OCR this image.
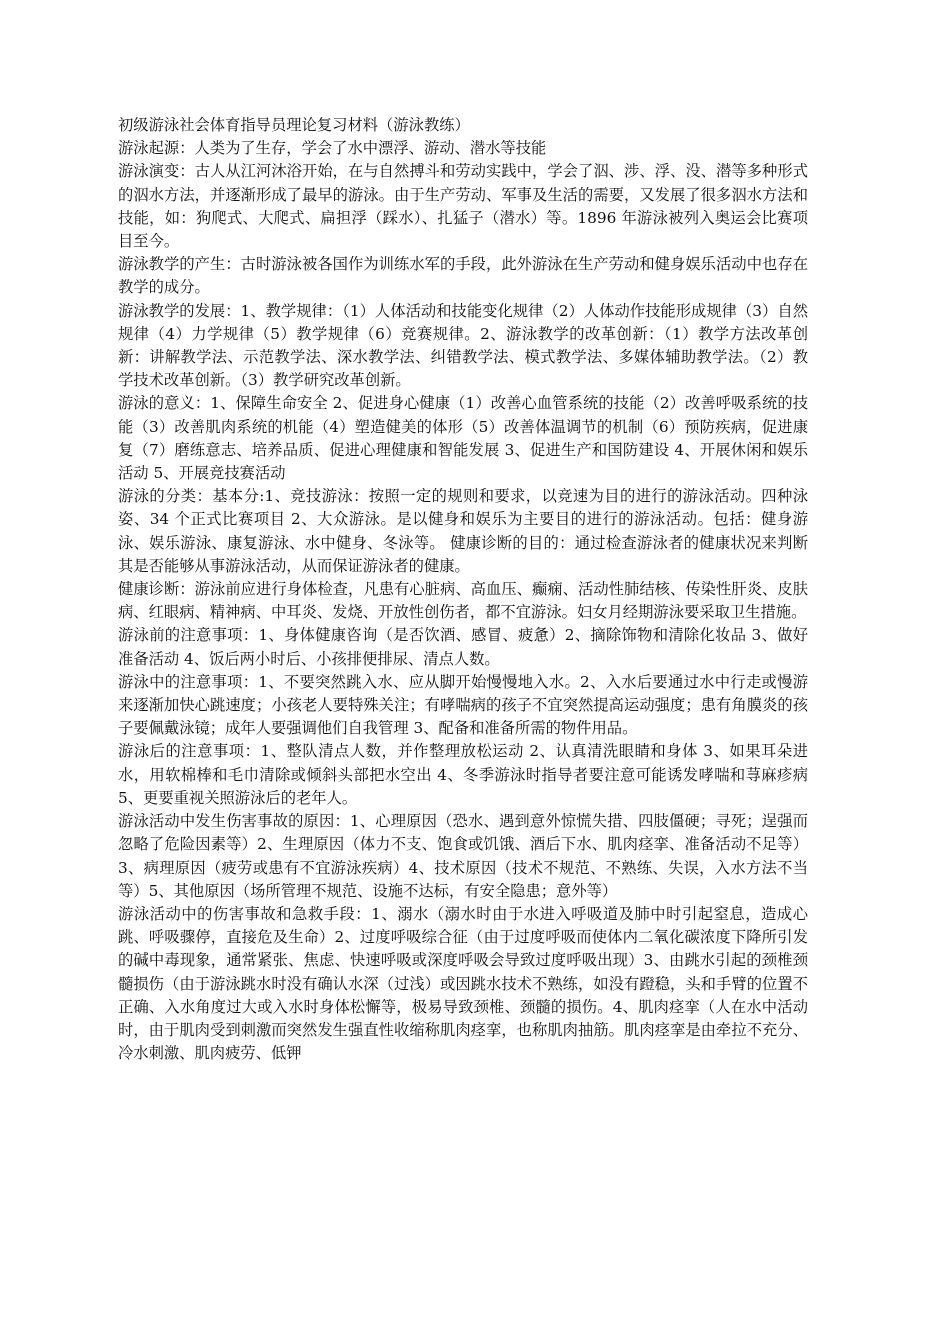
初级游泳社会体育指导员理论复习材料（游泳教练）

游泳起源：人类为了生存，学会了水中漂浮、游动、潜水等技能

游泳演变：古人从江河沐浴开始，在与自然搏斗和劳动实践中，学会了泅、涉、浮、没、潜等多种形式的泅水方法，并逐渐形成了最早的游泳。由于生产劳动、军事及生活的需要，又发展了很多泅水方法和技能，如：狗爬式、大爬式、扁担浮（踩水）、扎猛子（潜水）等。1896 年游泳被列入奥运会比赛项目至今。

游泳教学的产生：古时游泳被各国作为训练水军的手段，此外游泳在生产劳动和健身娱乐活动中也存在教学的成分。

游泳教学的发展：1、教学规律：（1）人体活动和技能变化规律（2）人体动作技能形成规律（3）自然规律（4）力学规律（5）教学规律（6）竞赛规律。2、游泳教学的改革创新：（1）教学方法改革创新：讲解教学法、示范教学法、深水教学法、纠错教学法、模式教学法、多媒体辅助教学法。（2）教学技术改革创新。（3）教学研究改革创新。

游泳的意义：1、保障生命安全 2、促进身心健康（1）改善心血管系统的技能（2）改善呼吸系统的技能（3）改善肌肉系统的机能（4）塑造健美的体形（5）改善体温调节的机制（6）预防疾病，促进康复（7）磨练意志、培养品质、促进心理健康和智能发展 3、促进生产和国防建设 4、开展休闲和娱乐活动 5、开展竞技赛活动

游泳的分类：基本分:1、竞技游泳：按照一定的规则和要求，以竞速为目的进行的游泳活动。四种泳姿、34 个正式比赛项目 2、大众游泳。是以健身和娱乐为主要目的进行的游泳活动。包括：健身游泳、娱乐游泳、康复游泳、水中健身、冬泳等。 健康诊断的目的：通过检查游泳者的健康状况来判断其是否能够从事游泳活动，从而保证游泳者的健康。

健康诊断：游泳前应进行身体检查，凡患有心脏病、高血压、癫痫、活动性肺结核、传染性肝炎、皮肤病、红眼病、精神病、中耳炎、发烧、开放性创伤者，都不宜游泳。妇女月经期游泳要采取卫生措施。

游泳前的注意事项：1、身体健康咨询（是否饮酒、感冒、疲惫）2、摘除饰物和清除化妆品 3、做好准备活动 4、饭后两小时后、小孩排便排尿、清点人数。

游泳中的注意事项：1、不要突然跳入水、应从脚开始慢慢地入水。2、入水后要通过水中行走或慢游来逐渐加快心跳速度；小孩老人要特殊关注；有哮喘病的孩子不宜突然提高运动强度；患有角膜炎的孩子要佩戴泳镜；成年人要强调他们自我管理 3、配备和准备所需的物件用品。

游泳后的注意事项：1、整队清点人数，并作整理放松运动 2、认真清洗眼睛和身体 3、如果耳朵进水，用软棉棒和毛巾清除或倾斜头部把水空出 4、冬季游泳时指导者要注意可能诱发哮喘和荨麻疹病 5、更要重视关照游泳后的老年人。

游泳活动中发生伤害事故的原因：1、心理原因（恐水、遇到意外惊慌失措、四肢僵硬；寻死；逞强而忽略了危险因素等）2、生理原因（体力不支、饱食或饥饿、酒后下水、肌肉痉挛、准备活动不足等）3、病理原因（疲劳或患有不宜游泳疾病）4、技术原因（技术不规范、不熟练、失误，入水方法不当等）5、其他原因（场所管理不规范、设施不达标，有安全隐患；意外等）

游泳活动中的伤害事故和急救手段：1、溺水（溺水时由于水进入呼吸道及肺中时引起窒息，造成心跳、呼吸骤停，直接危及生命）2、过度呼吸综合征（由于过度呼吸而使体内二氧化碳浓度下降所引发的碱中毒现象，通常紧张、焦虑、快速呼吸或深度呼吸会导致过度呼吸出现）3、由跳水引起的颈椎颈髓损伤（由于游泳跳水时没有确认水深（过浅）或因跳水技术不熟练，如没有蹬稳，头和手臂的位置不正确、入水角度过大或入水时身体松懈等，极易导致颈椎、颈髓的损伤。4、肌肉痉挛（人在水中活动时，由于肌肉受到刺激而突然发生强直性收缩称肌肉痉挛，也称肌肉抽筋。肌肉痉挛是由牵拉不充分、冷水刺激、肌肉疲劳、低钾
